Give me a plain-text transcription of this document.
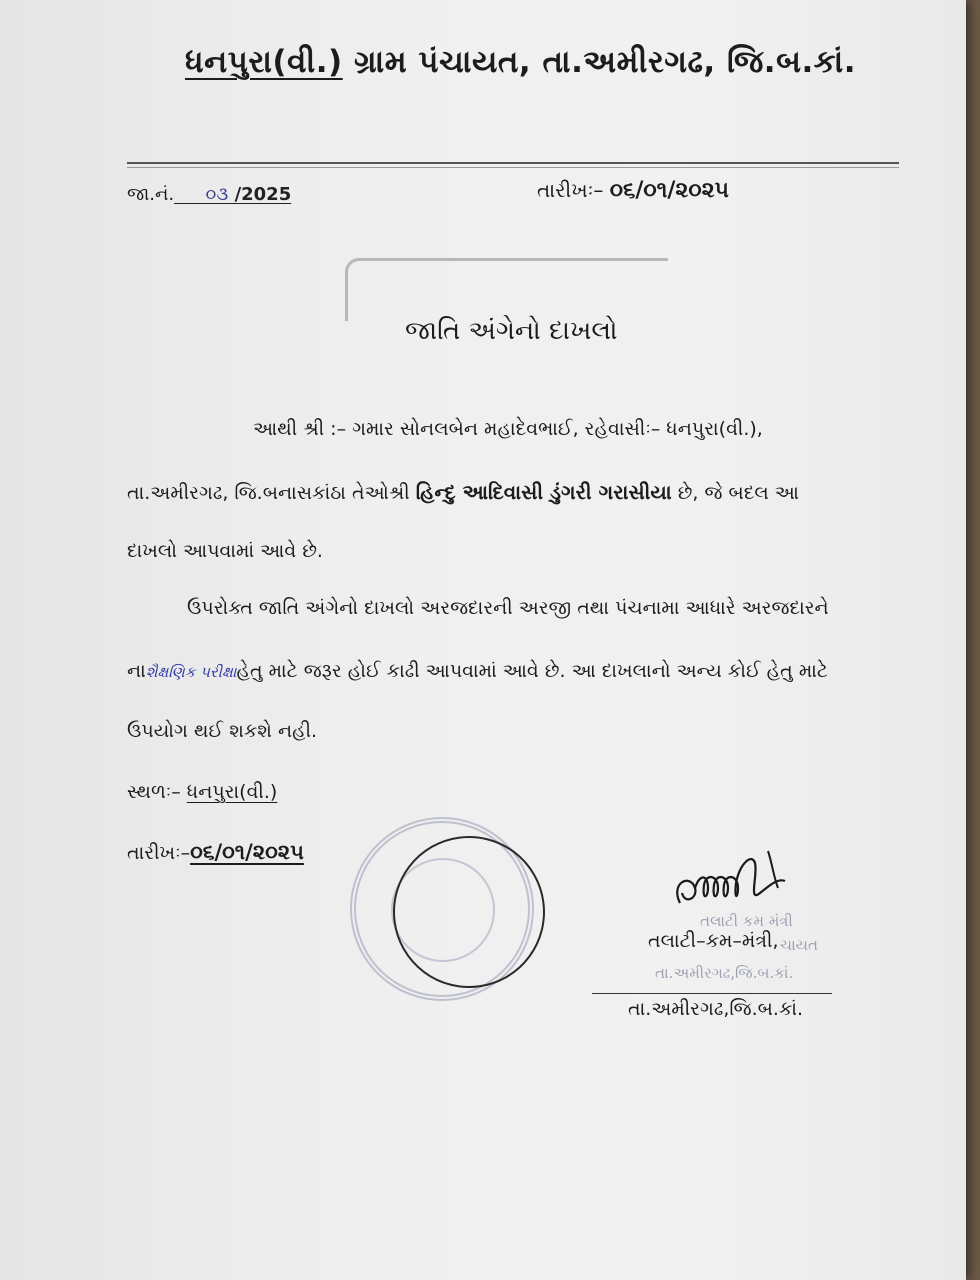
ધનપુરા(વી.) ગ્રામ પંચાયત, તા.અમીરગઢ, જિ.બ.કાં.
જા.નં. ૦૩ /2025	તારીખઃ– ૦૬/૦૧/૨૦૨૫
જાતિ અંગેનો દાખલો
આથી શ્રી :– ગમાર સોનલબેન મહાદેવભાઈ, રહેવાસીઃ– ધનપુરા(વી.),
તા.અમીરગઢ, જિ.બનાસકાંઠા તેઓશ્રી હિન્દુ આદિવાસી ડુંગરી ગરાસીયા છે, જે બદલ આ
દાખલો આપવામાં આવે છે.
ઉપરોક્ત જાતિ અંગેનો દાખલો અરજદારની અરજી તથા પંચનામા આધારે અરજદારને
નાશૈક્ષણિક પરીક્ષાહેતુ માટે જરૂર હોઈ કાઢી આપવામાં આવે છે. આ દાખલાનો અન્ય કોઈ હેતુ માટે
ઉપયોગ થઈ શકશે નહી.
સ્થળઃ– ધનપુરા(વી.)
તારીખઃ–૦૬/૦૧/૨૦૨૫
તલાટી કમ મંત્રી
ચાયત
તા.અમીરગઢ,જિ.બ.કાં.
તલાટી–કમ–મંત્રી,
તા.અમીરગઢ,જિ.બ.કાં.
